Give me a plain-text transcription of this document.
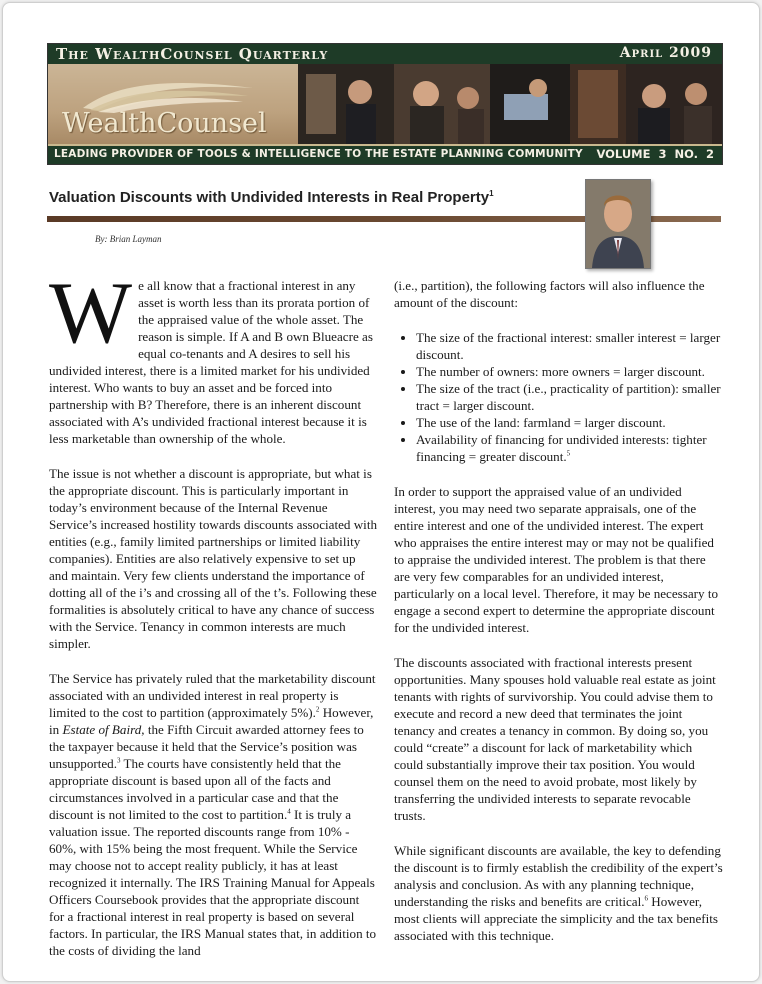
The WealthCounsel Quarterly	April 2009
WealthCounsel
LEADING PROVIDER OF TOOLS & INTELLIGENCE TO THE ESTATE PLANNING COMMUNITY VOLUME 3 NO. 2
Valuation Discounts with Undivided Interests in Real Property$^1$
By: Brian Layman

We all know that a fractional interest in any asset is worth less than its prorata portion of the appraised value of the whole asset. The reason is simple. If A and B own Blueacre as equal co-tenants and A desires to sell his undivided interest, there is a limited market for his undivided interest. Who wants to buy an asset and be forced into partnership with B? Therefore, there is an inherent discount associated with A’s undivided fractional interest because it is less marketable than ownership of the whole.

The issue is not whether a discount is appropriate, but what is the appropriate discount. This is particularly important in today’s environment because of the Internal Revenue Service’s increased hostility towards discounts associated with entities (e.g., family limited partnerships or limited liability companies). Entities are also relatively expensive to set up and maintain. Very few clients understand the importance of dotting all of the i’s and crossing all of the t’s. Following these formalities is absolutely critical to have any chance of success with the Service. Tenancy in common interests are much simpler.

The Service has privately ruled that the marketability discount associated with an undivided interest in real property is limited to the cost to partition (approximately 5%).$^2$ However, in Estate of Baird, the Fifth Circuit awarded attorney fees to the taxpayer because it held that the Service’s position was unsupported.$^3$ The courts have consistently held that the appropriate discount is based upon all of the facts and circumstances involved in a particular case and that the discount is not limited to the cost to partition.$^4$ It is truly a valuation issue. The reported discounts range from 10% - 60%, with 15% being the most frequent. While the Service may choose not to accept reality publicly, it has at least recognized it internally. The IRS Training Manual for Appeals Officers Coursebook provides that the appropriate discount for a fractional interest in real property is based on several factors. In particular, the IRS Manual states that, in addition to the costs of dividing the land

(i.e., partition), the following factors will also influence the amount of the discount:

• The size of the fractional interest: smaller interest = larger discount.
• The number of owners: more owners = larger discount.
• The size of the tract (i.e., practicality of partition): smaller tract = larger discount.
• The use of the land: farmland = larger discount.
• Availability of financing for undivided interests: tighter financing = greater discount.$^5$

In order to support the appraised value of an undivided interest, you may need two separate appraisals, one of the entire interest and one of the undivided interest. The expert who appraises the entire interest may or may not be qualified to appraise the undivided interest. The problem is that there are very few comparables for an undivided interest, particularly on a local level. Therefore, it may be necessary to engage a second expert to determine the appropriate discount for the undivided interest.

The discounts associated with fractional interests present opportunities. Many spouses hold valuable real estate as joint tenants with rights of survivorship. You could advise them to execute and record a new deed that terminates the joint tenancy and creates a tenancy in common. By doing so, you could “create” a discount for lack of marketability which could substantially improve their tax position. You would counsel them on the need to avoid probate, most likely by transferring the undivided interests to separate revocable trusts.

While significant discounts are available, the key to defending the discount is to firmly establish the credibility of the expert’s analysis and conclusion. As with any planning technique, understanding the risks and benefits are critical.$^6$ However, most clients will appreciate the simplicity and the tax benefits associated with this technique.
